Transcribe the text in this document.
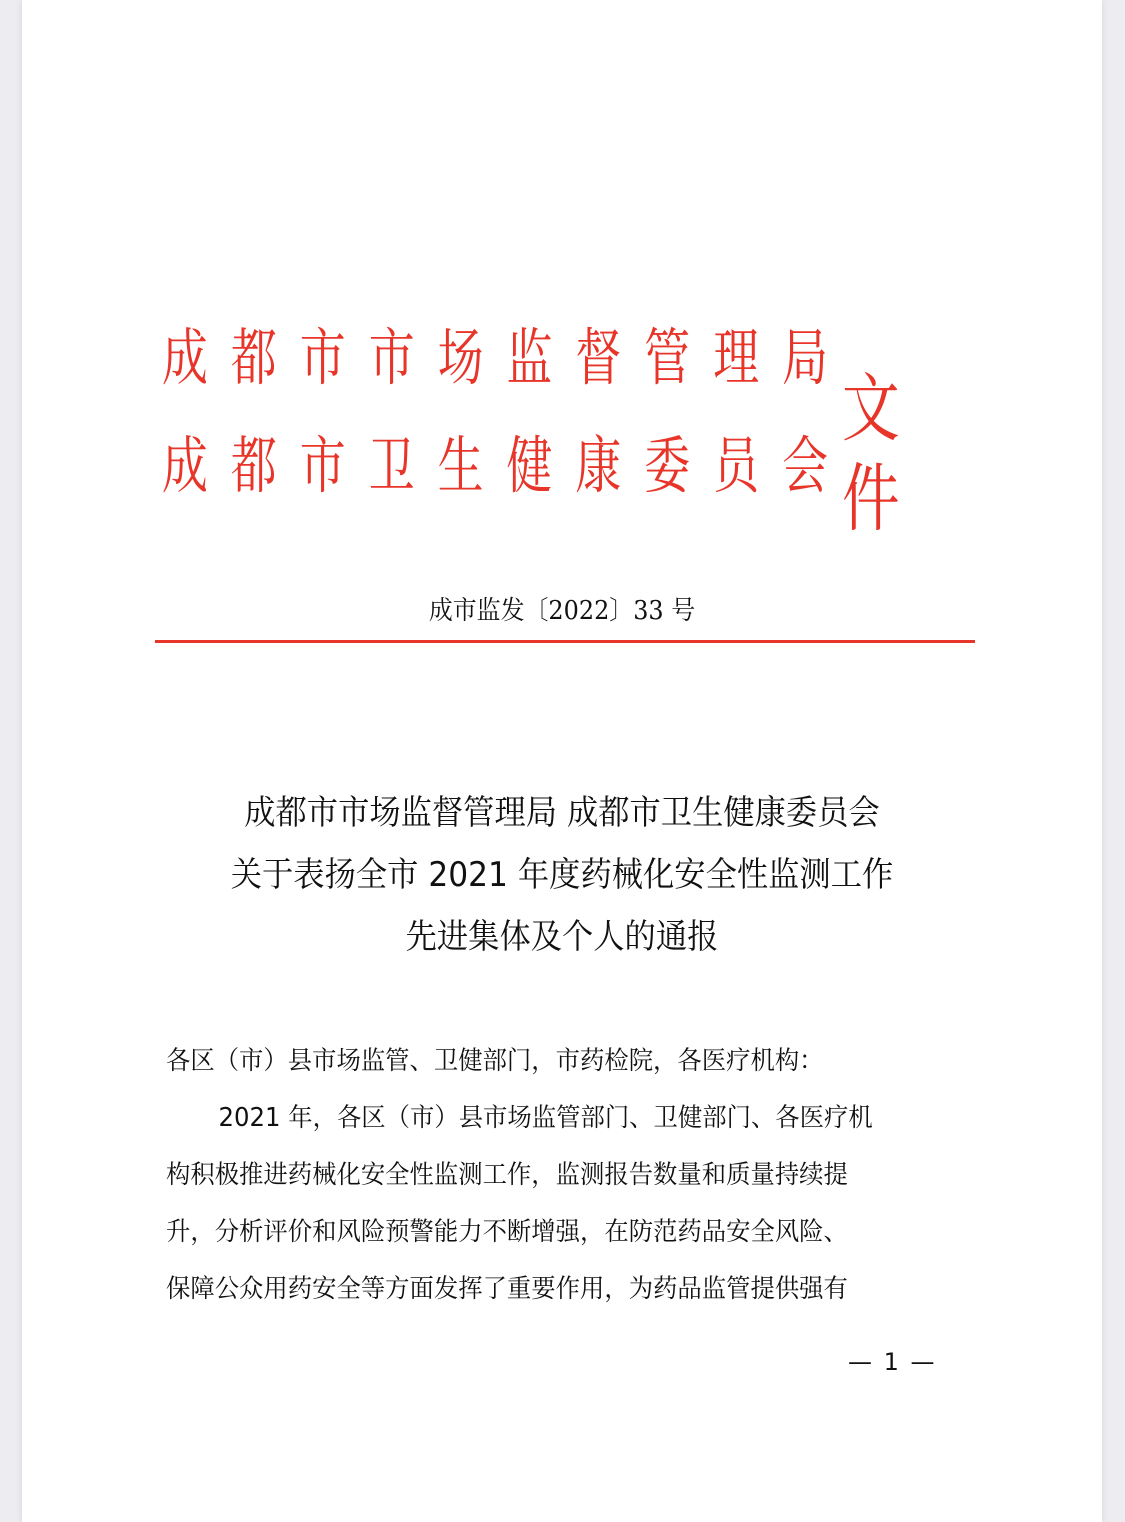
成 都 市 市 场 监 督 管 理 局
成 都 市 卫 生 健 康 委 员 会
文件
成市监发〔2022〕33 号
成都市市场监督管理局 成都市卫生健康委员会
关于表扬全市 2021 年度药械化安全性监测工作
先进集体及个人的通报
各区（市）县市场监管、卫健部门，市药检院，各医疗机构：
2021 年，各区（市）县市场监管部门、卫健部门、各医疗机
构积极推进药械化安全性监测工作，监测报告数量和质量持续提
升，分析评价和风险预警能力不断增强，在防范药品安全风险、
保障公众用药安全等方面发挥了重要作用，为药品监管提供强有
— 1 —
